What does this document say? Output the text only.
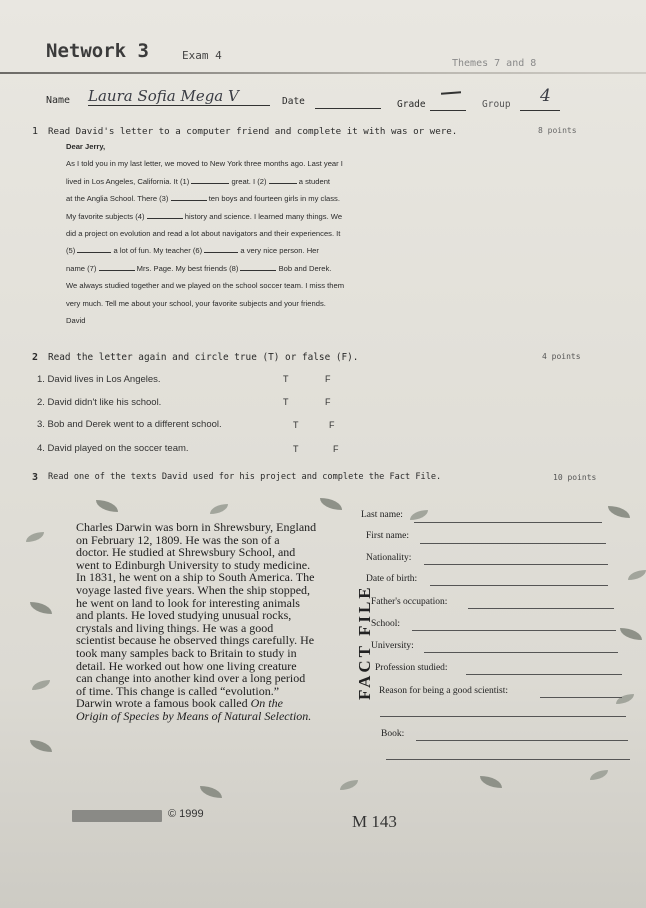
Network 3	Exam 4
Themes 7 and 8
Name Laura Sofia Mega V	Date	Grade	Group 4
1 Read David's letter to a computer friend and complete it with was or were.	8 points
Dear Jerry,
As I told you in my last letter, we moved to New York three months ago. Last year I
lived in Los Angeles, California. It (1)	great. I (2)	a student
at the Anglia School. There (3)	ten boys and fourteen girls in my class.
My favorite subjects (4)	history and science. I learned many things. We
did a project on evolution and read a lot about navigators and their experiences. It
(5)	a lot of fun. My teacher (6)	a very nice person. Her
name (7)	Mrs. Page. My best friends (8)	Bob and Derek.
We always studied together and we played on the school soccer team. I miss them
very much. Tell me about your school, your favorite subjects and your friends.
David
2 Read the letter again and circle true (T) or false (F).	4 points
1. David lives in Los Angeles.	T	F
2. David didn't like his school.	T	F
3. Bob and Derek went to a different school.	T	F
4. David played on the soccer team.	T	F
3 Read one of the texts David used for his project and complete the Fact File.	10 points
Charles Darwin was born in Shrewsbury, England
on February 12, 1809. He was the son of a
doctor. He studied at Shrewsbury School, and
went to Edinburgh University to study medicine.
In 1831, he went on a ship to South America. The
voyage lasted five years. When the ship stopped,
he went on land to look for interesting animals
and plants. He loved studying unusual rocks,
crystals and living things. He was a good
scientist because he observed things carefully. He
took many samples back to Britain to study in
detail. He worked out how one living creature
can change into another kind over a long period
of time. This change is called “evolution.”
Darwin wrote a famous book called On the
Origin of Species by Means of Natural Selection.
FACT FILE
Last name:
First name:
Nationality:
Date of birth:
Father's occupation:
School:
University:
Profession studied:
Reason for being a good scientist:
Book:
© 1999	M 143
